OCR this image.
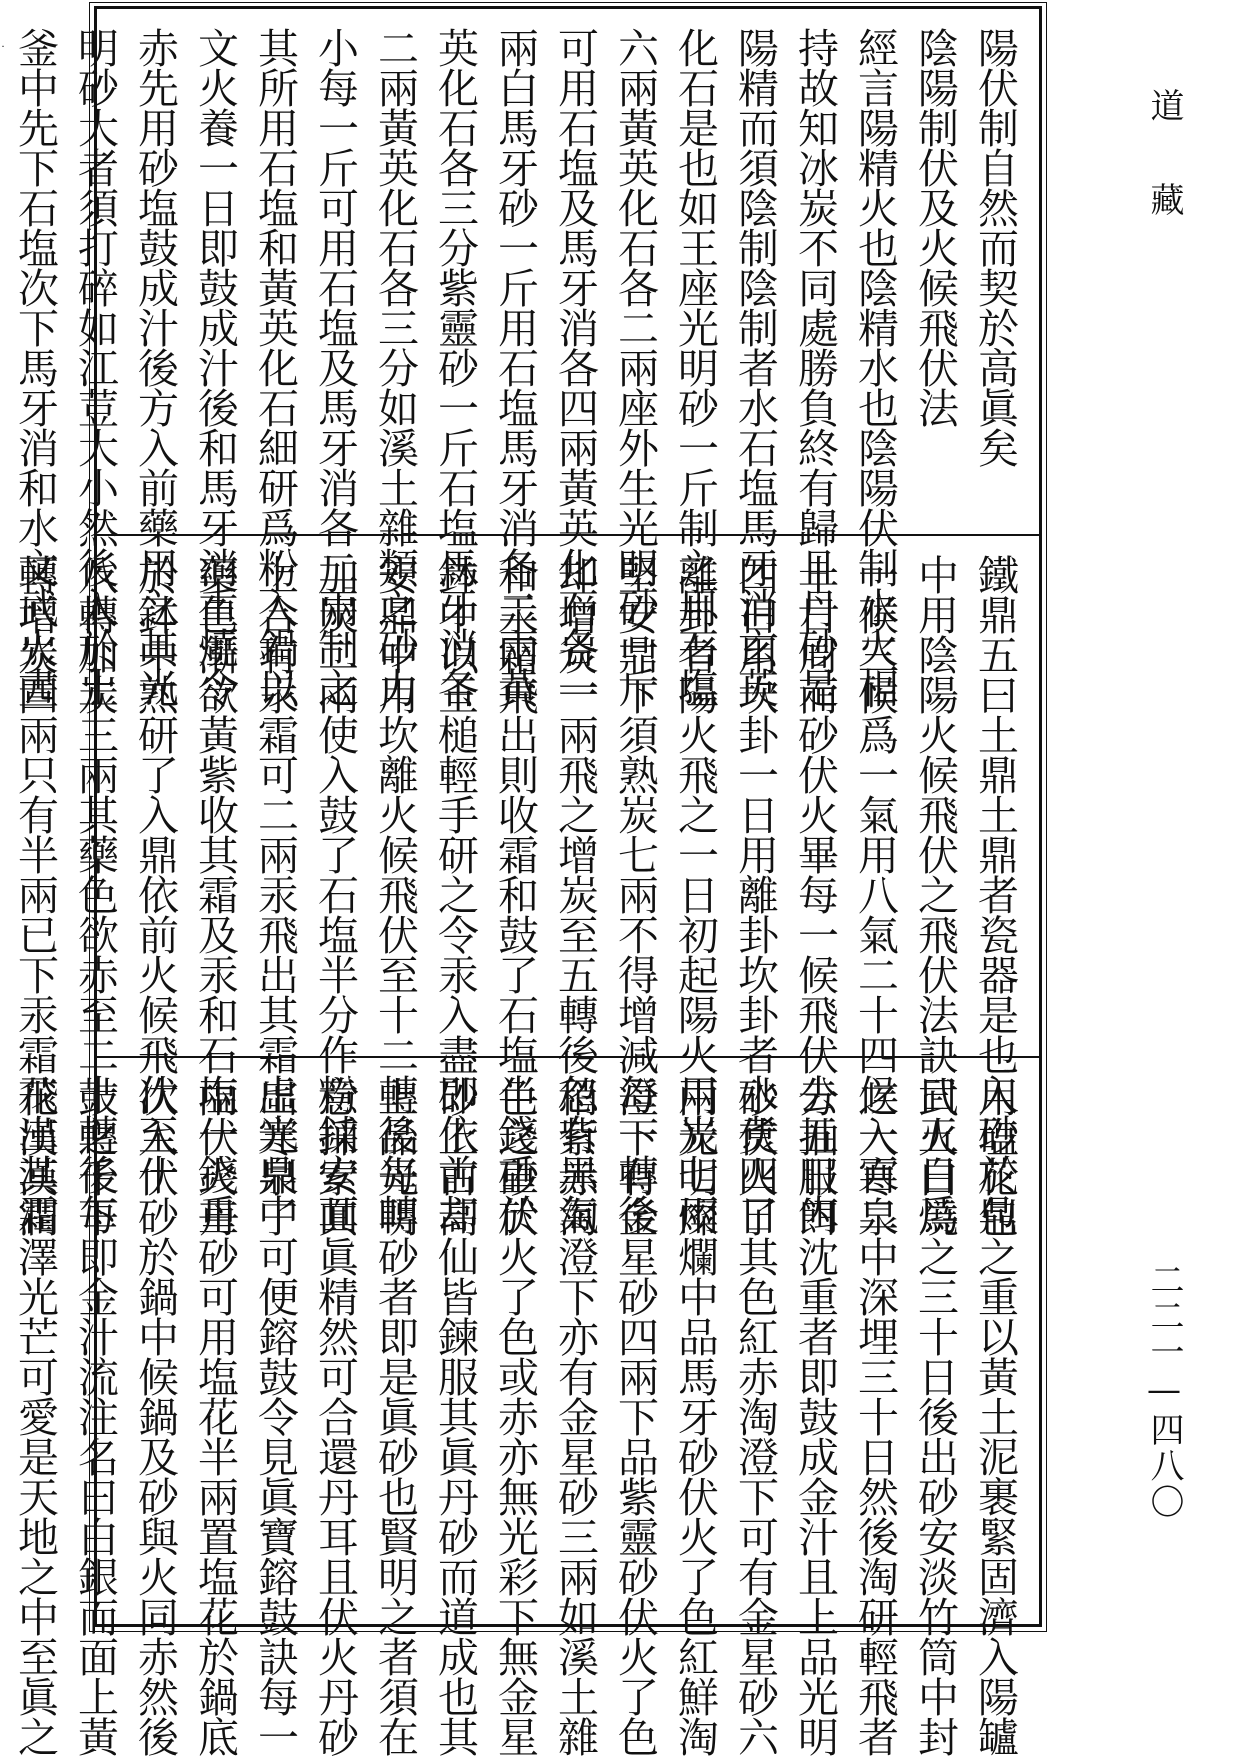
˙	陽伏制自然而契於高眞矣
陰陽制伏及火候飛伏法
經言陽精火也陰精水也陰陽伏制水火相
持故知冰炭不同處勝負終有歸且丹砂是
陽精而須陰制陰制者水石塩馬牙消玄英
化石是也如王座光明砂一斤制之用石塩
六兩黃英化石各二兩座外生光明砂一斤
可用石塩及馬牙消各四兩黃英化石各一
兩白馬牙砂一斤用石塩馬牙消各二兩黃
英化石各三分紫靈砂一斤石塩馬牙消各
二兩黃英化石各三分如溪土雜類之砂力
小每一斤可用石塩及馬牙消各二兩制之
其所用石塩和黃英化石細研爲粉入鍋以
文火養一日即鼓成汁後和馬牙消重燒令
赤先用砂塩鼓成汁後方入前藥用之其光
明砂大者須打碎如江荳大小然後入於土
釜中先下石塩次下馬牙消和水文武火晝
鐵鼎五曰土鼎土鼎者瓷器是也入砂於鼎
中用陰陽火候飛伏之飛伏法訣曰五日爲
一候三候爲一氣用八氣二十四候一百二
十日周而砂伏火畢每一候飛伏去五日内
四日用坎卦一日用離卦坎卦者水煑四日
離卦者陽火飛之一日初起陽火用炭七兩
堅安鼎下須熟炭七兩不得增減每一轉後
却增炭一兩飛之增炭至五轉後忽有黑氣
和汞霜飛出則收霜和鼓了石塩半錢重於
鉢中以玉槌輕手研之令汞入盡即依前却
安鼎中用坎離火候飛伏至十二轉後每轉
加炭二兩使入鼓了石塩半分作粉鋪安面
上合有汞霜可二兩汞飛出其霜虛光鼎中
藥色漸欲黃紫收其霜及汞和石塩一錢重
於鉢中熟研了入鼎依前火候飛伏至十
八轉加炭三兩其藥色欲赤至二十轉後每
轉增炭四兩只有半兩已下汞霜飛出其霜
用塩花包之重以黃土泥裹緊固濟入陽罏
武火白燒之三十日後出砂安淡竹筒中封
之入寒泉中深埋三十日然後淘研輕飛者
分抽服餌沈重者即鼓成金汁且上品光明
砂伏火了其色紅赤淘澄下可有金星砂六
兩光明燦爛中品馬牙砂伏火了色紅鮮淘
澄下有金星砂四兩下品紫靈砂伏火了色
稍紫赤淘澄下亦有金星砂三兩如溪土雜
色之砂伏火了色或赤亦無光彩下無金星
砂上古高仙皆鍊服其眞丹砂而道成也其
上品光明砂者即是眞砂也賢明之者須在
意採索其眞精然可合還丹耳且伏火丹砂
出寒泉了可便鎔鼓令見眞寶鎔鼓訣每一
兩伏火丹砂可用塩花半兩置塩花於鍋底
次入伏砂於鍋中候鍋及砂與火同赤然後
鼓之千下即金汁流注名曰白銀而面上黃
花漢漢潤澤光芒可愛是天地之中至眞之
道藏
二二一—四八〇
